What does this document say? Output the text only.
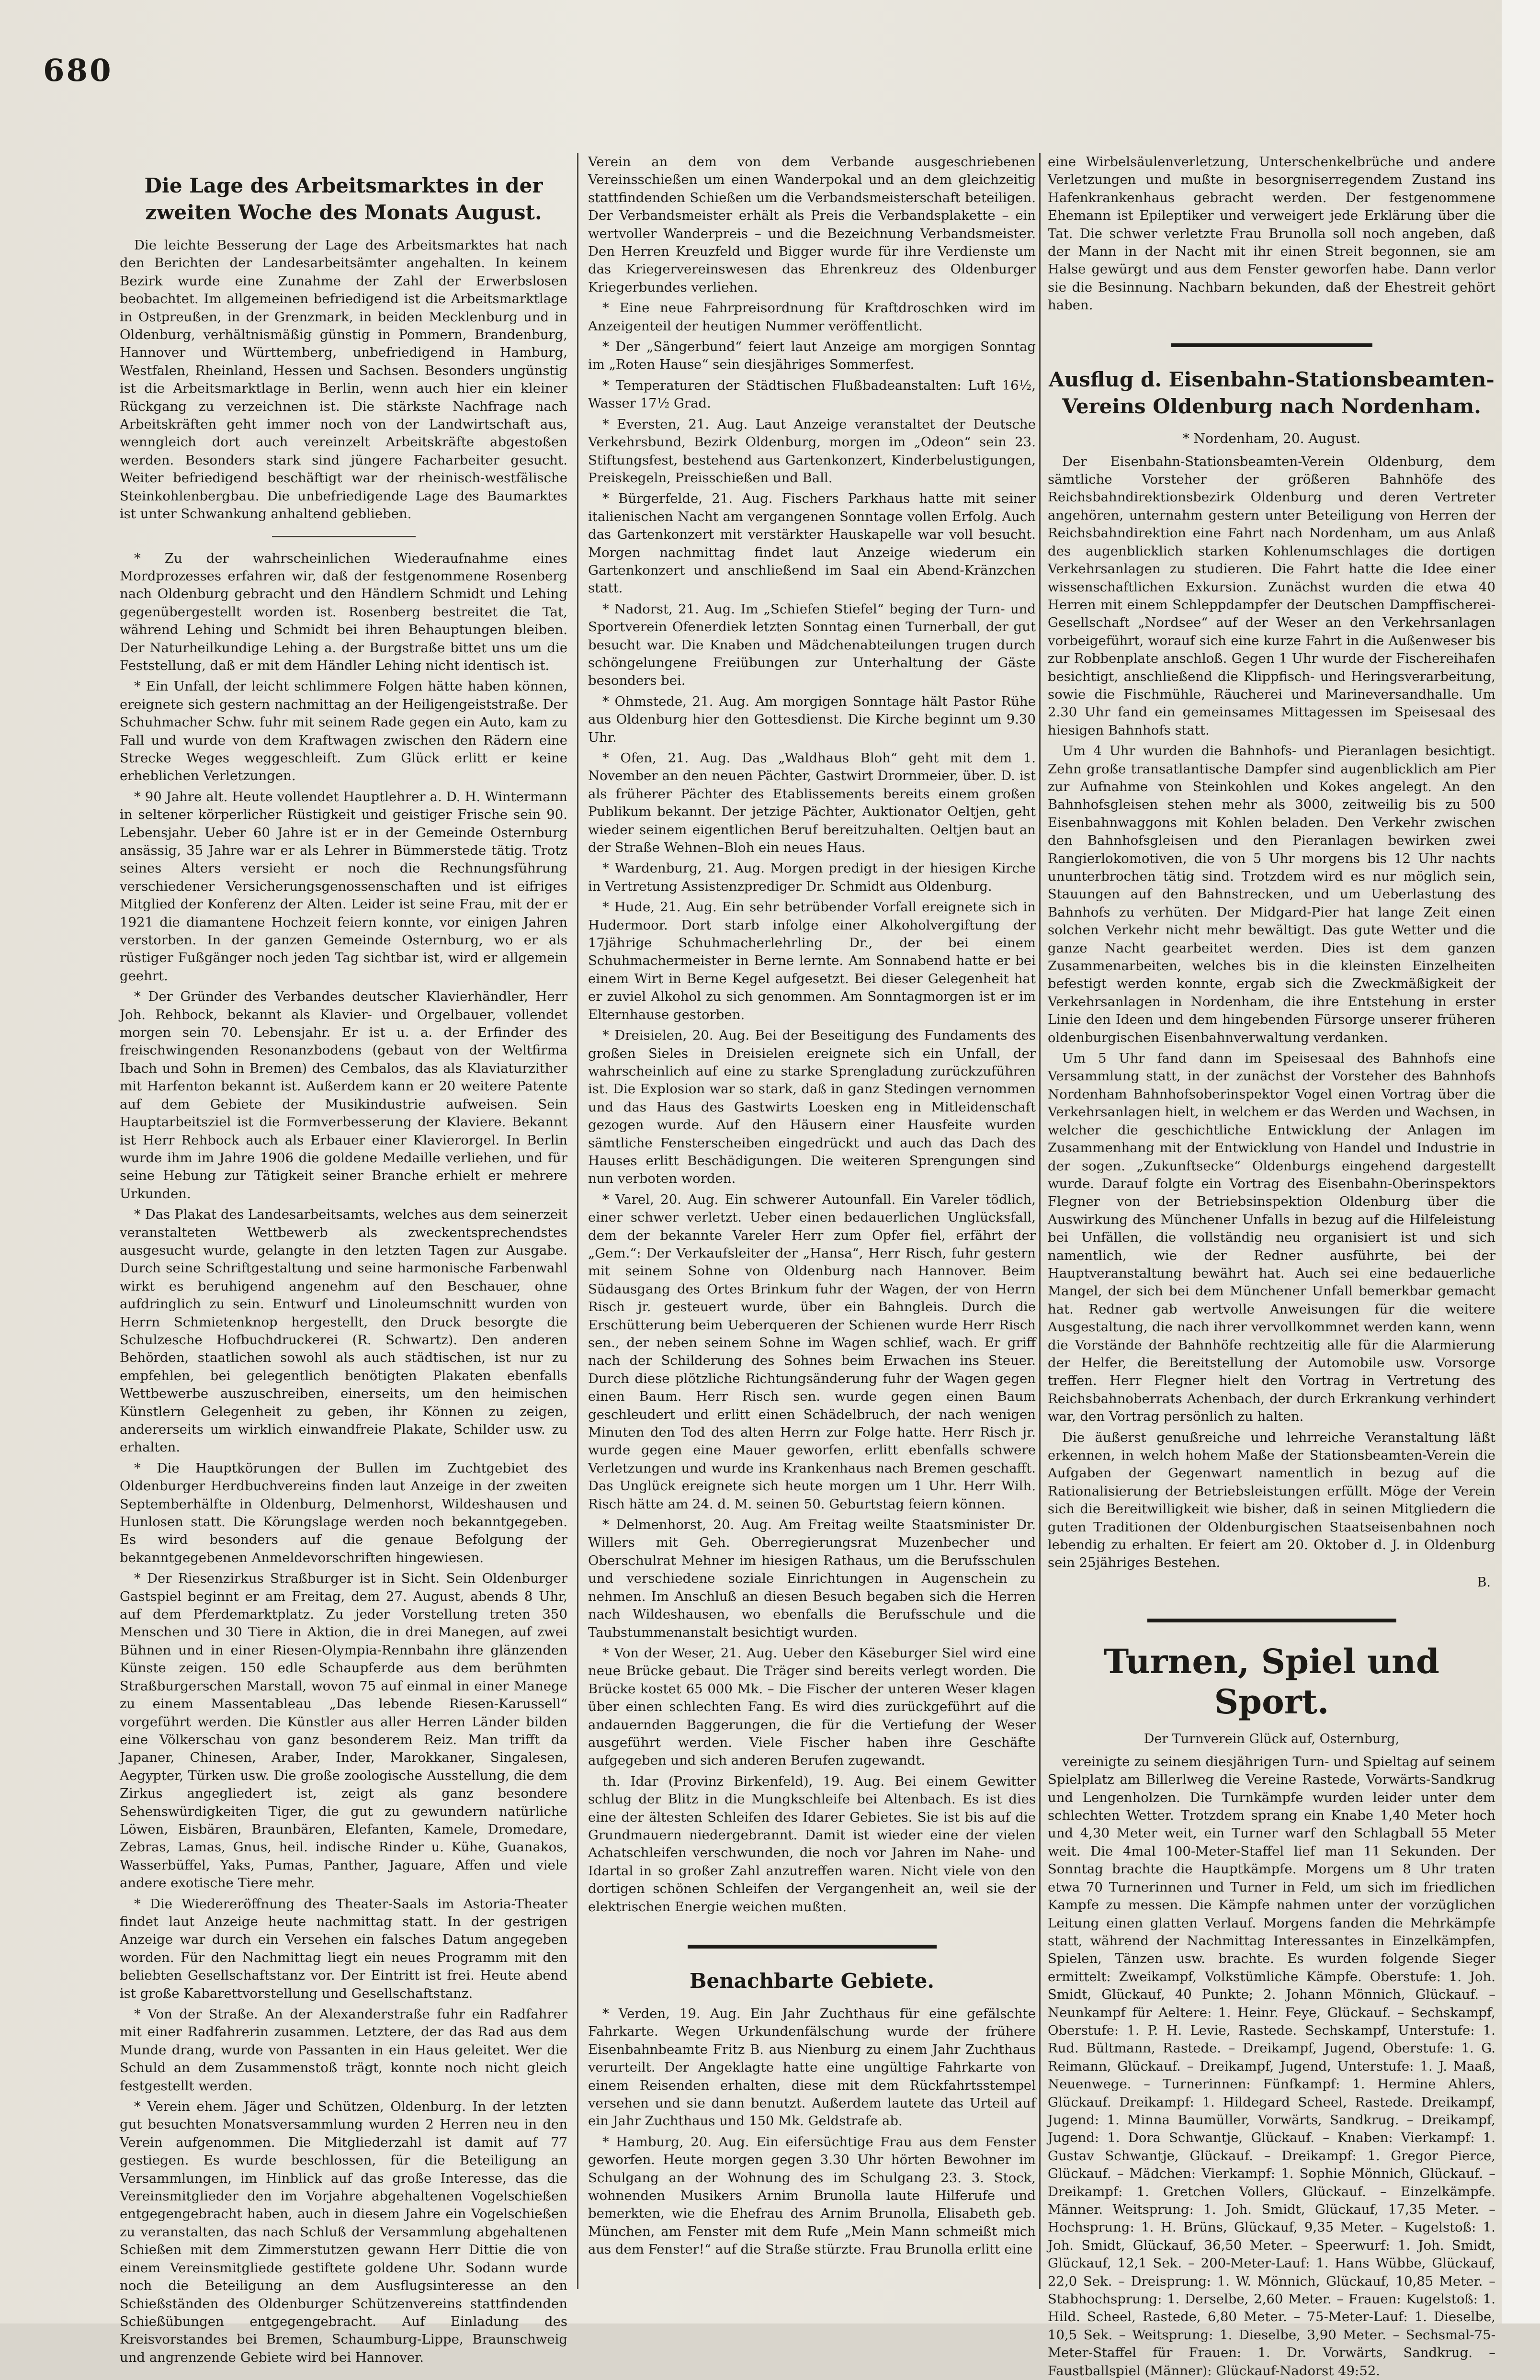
680
Die Lage des Arbeitsmarktes in der zweiten Woche des Monats August.

Die leichte Besserung der Lage des Arbeitsmarktes hat nach den Berichten der Landesarbeitsämter angehalten. In keinem Bezirk wurde eine Zunahme der Zahl der Erwerbslosen beobachtet. Im allgemeinen befriedigend ist die Arbeitsmarktlage in Ostpreußen, in der Grenzmark, in beiden Mecklenburg und in Oldenburg, verhältnismäßig günstig in Pommern, Brandenburg, Hannover und Württemberg, unbefriedigend in Hamburg, Westfalen, Rheinland, Hessen und Sachsen. Besonders ungünstig ist die Arbeitsmarktlage in Berlin, wenn auch hier ein kleiner Rückgang zu verzeichnen ist. Die stärkste Nachfrage nach Arbeitskräften geht immer noch von der Landwirtschaft aus, wenngleich dort auch vereinzelt Arbeitskräfte abgestoßen werden. Besonders stark sind jüngere Facharbeiter gesucht. Weiter befriedigend beschäftigt war der rheinisch-westfälische Steinkohlenbergbau. Die unbefriedigende Lage des Baumarktes ist unter Schwankung anhaltend geblieben.

* Zu der wahrscheinlichen Wiederaufnahme eines Mordprozesses erfahren wir, daß der festgenommene Rosenberg nach Oldenburg gebracht und den Händlern Schmidt und Lehing gegenübergestellt worden ist. Rosenberg bestreitet die Tat, während Lehing und Schmidt bei ihren Behauptungen bleiben. Der Naturheilkundige Lehing a. der Burgstraße bittet uns um die Feststellung, daß er mit dem Händler Lehing nicht identisch ist.

* Ein Unfall, der leicht schlimmere Folgen hätte haben können, ereignete sich gestern nachmittag an der Heiligengeiststraße. Der Schuhmacher Schw. fuhr mit seinem Rade gegen ein Auto, kam zu Fall und wurde von dem Kraftwagen zwischen den Rädern eine Strecke Weges weggeschleift. Zum Glück erlitt er keine erheblichen Verletzungen.

* 90 Jahre alt. Heute vollendet Hauptlehrer a. D. H. Wintermann in seltener körperlicher Rüstigkeit und geistiger Frische sein 90. Lebensjahr. Ueber 60 Jahre ist er in der Gemeinde Osternburg ansässig, 35 Jahre war er als Lehrer in Bümmerstede tätig. Trotz seines Alters versieht er noch die Rechnungsführung verschiedener Versicherungsgenossenschaften und ist eifriges Mitglied der Konferenz der Alten. Leider ist seine Frau, mit der er 1921 die diamantene Hochzeit feiern konnte, vor einigen Jahren verstorben. In der ganzen Gemeinde Osternburg, wo er als rüstiger Fußgänger noch jeden Tag sichtbar ist, wird er allgemein geehrt.

* Der Gründer des Verbandes deutscher Klavierhändler, Herr Joh. Rehbock, bekannt als Klavier- und Orgelbauer, vollendet morgen sein 70. Lebensjahr. Er ist u. a. der Erfinder des freischwingenden Resonanzbodens (gebaut von der Weltfirma Ibach und Sohn in Bremen) des Cembalos, das als Klaviaturzither mit Harfenton bekannt ist. Außerdem kann er 20 weitere Patente auf dem Gebiete der Musikindustrie aufweisen. Sein Hauptarbeitsziel ist die Formverbesserung der Klaviere. Bekannt ist Herr Rehbock auch als Erbauer einer Klavierorgel. In Berlin wurde ihm im Jahre 1906 die goldene Medaille verliehen, und für seine Hebung zur Tätigkeit seiner Branche erhielt er mehrere Urkunden.

* Das Plakat des Landesarbeitsamts, welches aus dem seinerzeit veranstalteten Wettbewerb als zweckentsprechendstes ausgesucht wurde, gelangte in den letzten Tagen zur Ausgabe. Durch seine Schriftgestaltung und seine harmonische Farbenwahl wirkt es beruhigend angenehm auf den Beschauer, ohne aufdringlich zu sein. Entwurf und Linoleumschnitt wurden von Herrn Schmietenknop hergestellt, den Druck besorgte die Schulzesche Hofbuchdruckerei (R. Schwartz). Den anderen Behörden, staatlichen sowohl als auch städtischen, ist nur zu empfehlen, bei gelegentlich benötigten Plakaten ebenfalls Wettbewerbe auszuschreiben, einerseits, um den heimischen Künstlern Gelegenheit zu geben, ihr Können zu zeigen, andererseits um wirklich einwandfreie Plakate, Schilder usw. zu erhalten.

* Die Hauptkörungen der Bullen im Zuchtgebiet des Oldenburger Herdbuchvereins finden laut Anzeige in der zweiten Septemberhälfte in Oldenburg, Delmenhorst, Wildeshausen und Hunlosen statt. Die Körungslage werden noch bekanntgegeben. Es wird besonders auf die genaue Befolgung der bekanntgegebenen Anmeldevorschriften hingewiesen.

* Der Riesenzirkus Straßburger ist in Sicht. Sein Oldenburger Gastspiel beginnt er am Freitag, dem 27. August, abends 8 Uhr, auf dem Pferdemarktplatz. Zu jeder Vorstellung treten 350 Menschen und 30 Tiere in Aktion, die in drei Manegen, auf zwei Bühnen und in einer Riesen-Olympia-Rennbahn ihre glänzenden Künste zeigen. 150 edle Schaupferde aus dem berühmten Straßburgerschen Marstall, wovon 75 auf einmal in einer Manege zu einem Massentableau „Das lebende Riesen-Karussell“ vorgeführt werden. Die Künstler aus aller Herren Länder bilden eine Völkerschau von ganz besonderem Reiz. Man trifft da Japaner, Chinesen, Araber, Inder, Marokkaner, Singalesen, Aegypter, Türken usw. Die große zoologische Ausstellung, die dem Zirkus angegliedert ist, zeigt als ganz besondere Sehenswürdigkeiten Tiger, die gut zu gewundern natürliche Löwen, Eisbären, Braunbären, Elefanten, Kamele, Dromedare, Zebras, Lamas, Gnus, heil. indische Rinder u. Kühe, Guanakos, Wasserbüffel, Yaks, Pumas, Panther, Jaguare, Affen und viele andere exotische Tiere mehr.

* Die Wiedereröffnung des Theater-Saals im Astoria-Theater findet laut Anzeige heute nachmittag statt. In der gestrigen Anzeige war durch ein Versehen ein falsches Datum angegeben worden. Für den Nachmittag liegt ein neues Programm mit den beliebten Gesellschaftstanz vor. Der Eintritt ist frei. Heute abend ist große Kabarettvorstellung und Gesellschaftstanz.

* Von der Straße. An der Alexanderstraße fuhr ein Radfahrer mit einer Radfahrerin zusammen. Letztere, der das Rad aus dem Munde drang, wurde von Passanten in ein Haus geleitet. Wer die Schuld an dem Zusammenstoß trägt, konnte noch nicht gleich festgestellt werden.

* Verein ehem. Jäger und Schützen, Oldenburg. In der letzten gut besuchten Monatsversammlung wurden 2 Herren neu in den Verein aufgenommen. Die Mitgliederzahl ist damit auf 77 gestiegen. Es wurde beschlossen, für die Beteiligung an Versammlungen, im Hinblick auf das große Interesse, das die Vereinsmitglieder den im Vorjahre abgehaltenen Vogelschießen entgegengebracht haben, auch in diesem Jahre ein Vogelschießen zu veranstalten, das nach Schluß der Versammlung abgehaltenen Schießen mit dem Zimmerstutzen gewann Herr Dittie die von einem Vereinsmitgliede gestiftete goldene Uhr. Sodann wurde noch die Beteiligung an dem Ausflugsinteresse an den Schießständen des Oldenburger Schützenvereins stattfindenden Schießübungen entgegengebracht. Auf Einladung des Kreisvorstandes bei Bremen, Schaumburg-Lippe, Braunschweig und angrenzende Gebiete wird bei Hannover.

Verein an dem von dem Verbande ausgeschriebenen Vereinsschießen um einen Wanderpokal und an dem gleichzeitig stattfindenden Schießen um die Verbandsmeisterschaft beteiligen. Der Verbandsmeister erhält als Preis die Verbandsplakette – ein wertvoller Wanderpreis – und die Bezeichnung Verbandsmeister. Den Herren Kreuzfeld und Bigger wurde für ihre Verdienste um das Kriegervereinswesen das Ehrenkreuz des Oldenburger Kriegerbundes verliehen.

* Eine neue Fahrpreisordnung für Kraftdroschken wird im Anzeigenteil der heutigen Nummer veröffentlicht.

* Der „Sängerbund“ feiert laut Anzeige am morgigen Sonntag im „Roten Hause“ sein diesjähriges Sommerfest.

* Temperaturen der Städtischen Flußbadeanstalten: Luft 16½, Wasser 17½ Grad.

* Eversten, 21. Aug. Laut Anzeige veranstaltet der Deutsche Verkehrsbund, Bezirk Oldenburg, morgen im „Odeon“ sein 23. Stiftungsfest, bestehend aus Gartenkonzert, Kinderbelustigungen, Preiskegeln, Preisschießen und Ball.

* Bürgerfelde, 21. Aug. Fischers Parkhaus hatte mit seiner italienischen Nacht am vergangenen Sonntage vollen Erfolg. Auch das Gartenkonzert mit verstärkter Hauskapelle war voll besucht. Morgen nachmittag findet laut Anzeige wiederum ein Gartenkonzert und anschließend im Saal ein Abend-Kränzchen statt.

* Nadorst, 21. Aug. Im „Schiefen Stiefel“ beging der Turn- und Sportverein Ofenerdiek letzten Sonntag einen Turnerball, der gut besucht war. Die Knaben und Mädchenabteilungen trugen durch schöngelungene Freiübungen zur Unterhaltung der Gäste besonders bei.

* Ohmstede, 21. Aug. Am morgigen Sonntage hält Pastor Rühe aus Oldenburg hier den Gottesdienst. Die Kirche beginnt um 9.30 Uhr.

* Ofen, 21. Aug. Das „Waldhaus Bloh“ geht mit dem 1. November an den neuen Pächter, Gastwirt Drornmeier, über. D. ist als früherer Pächter des Etablissements bereits einem großen Publikum bekannt. Der jetzige Pächter, Auktionator Oeltjen, geht wieder seinem eigentlichen Beruf bereitzuhalten. Oeltjen baut an der Straße Wehnen–Bloh ein neues Haus.

* Wardenburg, 21. Aug. Morgen predigt in der hiesigen Kirche in Vertretung Assistenzprediger Dr. Schmidt aus Oldenburg.

* Hude, 21. Aug. Ein sehr betrübender Vorfall ereignete sich in Hudermoor. Dort starb infolge einer Alkoholvergiftung der 17jährige Schuhmacherlehrling Dr., der bei einem Schuhmachermeister in Berne lernte. Am Sonnabend hatte er bei einem Wirt in Berne Kegel aufgesetzt. Bei dieser Gelegenheit hat er zuviel Alkohol zu sich genommen. Am Sonntagmorgen ist er im Elternhause gestorben.

* Dreisielen, 20. Aug. Bei der Beseitigung des Fundaments des großen Sieles in Dreisielen ereignete sich ein Unfall, der wahrscheinlich auf eine zu starke Sprengladung zurückzuführen ist. Die Explosion war so stark, daß in ganz Stedingen vernommen und das Haus des Gastwirts Loesken eng in Mitleidenschaft gezogen wurde. Auf den Häusern einer Hausfeite wurden sämtliche Fensterscheiben eingedrückt und auch das Dach des Hauses erlitt Beschädigungen. Die weiteren Sprengungen sind nun verboten worden.

* Varel, 20. Aug. Ein schwerer Autounfall. Ein Vareler tödlich, einer schwer verletzt. Ueber einen bedauerlichen Unglücksfall, dem der bekannte Vareler Herr zum Opfer fiel, erfährt der „Gem.“: Der Verkaufsleiter der „Hansa“, Herr Risch, fuhr gestern mit seinem Sohne von Oldenburg nach Hannover. Beim Südausgang des Ortes Brinkum fuhr der Wagen, der von Herrn Risch jr. gesteuert wurde, über ein Bahngleis. Durch die Erschütterung beim Ueberqueren der Schienen wurde Herr Risch sen., der neben seinem Sohne im Wagen schlief, wach. Er griff nach der Schilderung des Sohnes beim Erwachen ins Steuer. Durch diese plötzliche Richtungsänderung fuhr der Wagen gegen einen Baum. Herr Risch sen. wurde gegen einen Baum geschleudert und erlitt einen Schädelbruch, der nach wenigen Minuten den Tod des alten Herrn zur Folge hatte. Herr Risch jr. wurde gegen eine Mauer geworfen, erlitt ebenfalls schwere Verletzungen und wurde ins Krankenhaus nach Bremen geschafft. Das Unglück ereignete sich heute morgen um 1 Uhr. Herr Wilh. Risch hätte am 24. d. M. seinen 50. Geburtstag feiern können.

* Delmenhorst, 20. Aug. Am Freitag weilte Staatsminister Dr. Willers mit Geh. Oberregierungsrat Muzenbecher und Oberschulrat Mehner im hiesigen Rathaus, um die Berufsschulen und verschiedene soziale Einrichtungen in Augenschein zu nehmen. Im Anschluß an diesen Besuch begaben sich die Herren nach Wildeshausen, wo ebenfalls die Berufsschule und die Taubstummenanstalt besichtigt wurden.

* Von der Weser, 21. Aug. Ueber den Käseburger Siel wird eine neue Brücke gebaut. Die Träger sind bereits verlegt worden. Die Brücke kostet 65 000 Mk. – Die Fischer der unteren Weser klagen über einen schlechten Fang. Es wird dies zurückgeführt auf die andauernden Baggerungen, die für die Vertiefung der Weser ausgeführt werden. Viele Fischer haben ihre Geschäfte aufgegeben und sich anderen Berufen zugewandt.

th. Idar (Provinz Birkenfeld), 19. Aug. Bei einem Gewitter schlug der Blitz in die Mungkschleife bei Altenbach. Es ist dies eine der ältesten Schleifen des Idarer Gebietes. Sie ist bis auf die Grundmauern niedergebrannt. Damit ist wieder eine der vielen Achatschleifen verschwunden, die noch vor Jahren im Nahe- und Idartal in so großer Zahl anzutreffen waren. Nicht viele von den dortigen schönen Schleifen der Vergangenheit an, weil sie der elektrischen Energie weichen mußten.

Benachbarte Gebiete.

* Verden, 19. Aug. Ein Jahr Zuchthaus für eine gefälschte Fahrkarte. Wegen Urkundenfälschung wurde der frühere Eisenbahnbeamte Fritz B. aus Nienburg zu einem Jahr Zuchthaus verurteilt. Der Angeklagte hatte eine ungültige Fahrkarte von einem Reisenden erhalten, diese mit dem Rückfahrtsstempel versehen und sie dann benutzt. Außerdem lautete das Urteil auf ein Jahr Zuchthaus und 150 Mk. Geldstrafe ab.

* Hamburg, 20. Aug. Ein eifersüchtige Frau aus dem Fenster geworfen. Heute morgen gegen 3.30 Uhr hörten Bewohner im Schulgang an der Wohnung des im Schulgang 23. 3. Stock, wohnenden Musikers Arnim Brunolla laute Hilferufe und bemerkten, wie die Ehefrau des Arnim Brunolla, Elisabeth geb. München, am Fenster mit dem Rufe „Mein Mann schmeißt mich aus dem Fenster!“ auf die Straße stürzte. Frau Brunolla erlitt eine

eine Wirbelsäulenverletzung, Unterschenkelbrüche und andere Verletzungen und mußte in besorgniserregendem Zustand ins Hafenkrankenhaus gebracht werden. Der festgenommene Ehemann ist Epileptiker und verweigert jede Erklärung über die Tat. Die schwer verletzte Frau Brunolla soll noch angeben, daß der Mann in der Nacht mit ihr einen Streit begonnen, sie am Halse gewürgt und aus dem Fenster geworfen habe. Dann verlor sie die Besinnung. Nachbarn bekunden, daß der Ehestreit gehört haben.

Ausflug d. Eisenbahn-Stationsbeamten-Vereins Oldenburg nach Nordenham.
* Nordenham, 20. August.

Der Eisenbahn-Stationsbeamten-Verein Oldenburg, dem sämtliche Vorsteher der größeren Bahnhöfe des Reichsbahndirektionsbezirk Oldenburg und deren Vertreter angehören, unternahm gestern unter Beteiligung von Herren der Reichsbahndirektion eine Fahrt nach Nordenham, um aus Anlaß des augenblicklich starken Kohlenumschlages die dortigen Verkehrsanlagen zu studieren. Die Fahrt hatte die Idee einer wissenschaftlichen Exkursion. Zunächst wurden die etwa 40 Herren mit einem Schleppdampfer der Deutschen Dampffischerei-Gesellschaft „Nordsee“ auf der Weser an den Verkehrsanlagen vorbeigeführt, worauf sich eine kurze Fahrt in die Außenweser bis zur Robbenplate anschloß. Gegen 1 Uhr wurde der Fischereihafen besichtigt, anschließend die Klippfisch- und Heringsverarbeitung, sowie die Fischmühle, Räucherei und Marineversandhalle. Um 2.30 Uhr fand ein gemeinsames Mittagessen im Speisesaal des hiesigen Bahnhofs statt.

Um 4 Uhr wurden die Bahnhofs- und Pieranlagen besichtigt. Zehn große transatlantische Dampfer sind augenblicklich am Pier zur Aufnahme von Steinkohlen und Kokes angelegt. An den Bahnhofsgleisen stehen mehr als 3000, zeitweilig bis zu 500 Eisenbahnwaggons mit Kohlen beladen. Den Verkehr zwischen den Bahnhofsgleisen und den Pieranlagen bewirken zwei Rangierlokomotiven, die von 5 Uhr morgens bis 12 Uhr nachts ununterbrochen tätig sind. Trotzdem wird es nur möglich sein, Stauungen auf den Bahnstrecken, und um Ueberlastung des Bahnhofs zu verhüten. Der Midgard-Pier hat lange Zeit einen solchen Verkehr nicht mehr bewältigt. Das gute Wetter und die ganze Nacht gearbeitet werden. Dies ist dem ganzen Zusammenarbeiten, welches bis in die kleinsten Einzelheiten befestigt werden konnte, ergab sich die Zweckmäßigkeit der Verkehrsanlagen in Nordenham, die ihre Entstehung in erster Linie den Ideen und dem hingebenden Fürsorge unserer früheren oldenburgischen Eisenbahnverwaltung verdanken.

Um 5 Uhr fand dann im Speisesaal des Bahnhofs eine Versammlung statt, in der zunächst der Vorsteher des Bahnhofs Nordenham Bahnhofsoberinspektor Vogel einen Vortrag über die Verkehrsanlagen hielt, in welchem er das Werden und Wachsen, in welcher die geschichtliche Entwicklung der Anlagen im Zusammenhang mit der Entwicklung von Handel und Industrie in der sogen. „Zukunftsecke“ Oldenburgs eingehend dargestellt wurde. Darauf folgte ein Vortrag des Eisenbahn-Oberinspektors Flegner von der Betriebsinspektion Oldenburg über die Auswirkung des Münchener Unfalls in bezug auf die Hilfeleistung bei Unfällen, die vollständig neu organisiert ist und sich namentlich, wie der Redner ausführte, bei der Hauptveranstaltung bewährt hat. Auch sei eine bedauerliche Mangel, der sich bei dem Münchener Unfall bemerkbar gemacht hat. Redner gab wertvolle Anweisungen für die weitere Ausgestaltung, die nach ihrer vervollkommnet werden kann, wenn die Vorstände der Bahnhöfe rechtzeitig alle für die Alarmierung der Helfer, die Bereitstellung der Automobile usw. Vorsorge treffen. Herr Flegner hielt den Vortrag in Vertretung des Reichsbahnoberrats Achenbach, der durch Erkrankung verhindert war, den Vortrag persönlich zu halten.

Die äußerst genußreiche und lehrreiche Veranstaltung läßt erkennen, in welch hohem Maße der Stationsbeamten-Verein die Aufgaben der Gegenwart namentlich in bezug auf die Rationalisierung der Betriebsleistungen erfüllt. Möge der Verein sich die Bereitwilligkeit wie bisher, daß in seinen Mitgliedern die guten Traditionen der Oldenburgischen Staatseisenbahnen noch lebendig zu erhalten. Er feiert am 20. Oktober d. J. in Oldenburg sein 25jähriges Bestehen.

B.
Turnen, Spiel und Sport.
Der Turnverein Glück auf, Osternburg,

vereinigte zu seinem diesjährigen Turn- und Spieltag auf seinem Spielplatz am Billerlweg die Vereine Rastede, Vorwärts-Sandkrug und Lengenholzen. Die Turnkämpfe wurden leider unter dem schlechten Wetter. Trotzdem sprang ein Knabe 1,40 Meter hoch und 4,30 Meter weit, ein Turner warf den Schlagball 55 Meter weit. Die 4mal 100-Meter-Staffel lief man 11 Sekunden. Der Sonntag brachte die Hauptkämpfe. Morgens um 8 Uhr traten etwa 70 Turnerinnen und Turner in Feld, um sich im friedlichen Kampfe zu messen. Die Kämpfe nahmen unter der vorzüglichen Leitung einen glatten Verlauf. Morgens fanden die Mehrkämpfe statt, während der Nachmittag Interessantes in Einzelkämpfen, Spielen, Tänzen usw. brachte. Es wurden folgende Sieger ermittelt: Zweikampf, Volkstümliche Kämpfe. Oberstufe: 1. Joh. Smidt, Glückauf, 40 Punkte; 2. Johann Mönnich, Glückauf. – Neunkampf für Aeltere: 1. Heinr. Feye, Glückauf. – Sechskampf, Oberstufe: 1. P. H. Levie, Rastede. Sechskampf, Unterstufe: 1. Rud. Bültmann, Rastede. – Dreikampf, Jugend, Oberstufe: 1. G. Reimann, Glückauf. – Dreikampf, Jugend, Unterstufe: 1. J. Maaß, Neuenwege. – Turnerinnen: Fünfkampf: 1. Hermine Ahlers, Glückauf. Dreikampf: 1. Hildegard Scheel, Rastede. Dreikampf, Jugend: 1. Minna Baumüller, Vorwärts, Sandkrug. – Dreikampf, Jugend: 1. Dora Schwantje, Glückauf. – Knaben: Vierkampf: 1. Gustav Schwantje, Glückauf. – Dreikampf: 1. Gregor Pierce, Glückauf. – Mädchen: Vierkampf: 1. Sophie Mönnich, Glückauf. – Dreikampf: 1. Gretchen Vollers, Glückauf. – Einzelkämpfe. Männer. Weitsprung: 1. Joh. Smidt, Glückauf, 17,35 Meter. – Hochsprung: 1. H. Brüns, Glückauf, 9,35 Meter. – Kugelstoß: 1. Joh. Smidt, Glückauf, 36,50 Meter. – Speerwurf: 1. Joh. Smidt, Glückauf, 12,1 Sek. – 200-Meter-Lauf: 1. Hans Wübbe, Glückauf, 22,0 Sek. – Dreisprung: 1. W. Mönnich, Glückauf, 10,85 Meter. – Stabhochsprung: 1. Derselbe, 2,60 Meter. – Frauen: Kugelstoß: 1. Hild. Scheel, Rastede, 6,80 Meter. – 75-Meter-Lauf: 1. Dieselbe, 10,5 Sek. – Weitsprung: 1. Dieselbe, 3,90 Meter. – Sechsmal-75-Meter-Staffel für Frauen: 1. Dr. Vorwärts, Sandkrug. – Faustballspiel (Männer): Glückauf-Nadorst 49:52.
